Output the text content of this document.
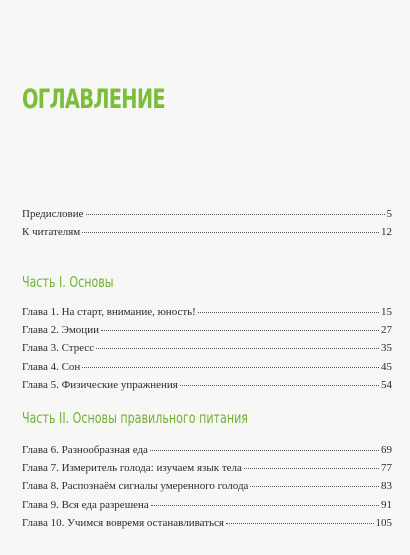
ОГЛАВЛЕНИЕ
Предисловие	5
К читателям	12
Часть I. Основы
Глава 1. На старт, внимание, юность!	15
Глава 2. Эмоции	27
Глава 3. Стресс	35
Глава 4. Сон	45
Глава 5. Физические упражнения	54
Часть II. Основы правильного питания
Глава 6. Разнообразная еда	69
Глава 7. Измеритель голода: изучаем язык тела	77
Глава 8. Распознаём сигналы умеренного голода	83
Глава 9. Вся еда разрешена	91
Глава 10. Учимся вовремя останавливаться	105
